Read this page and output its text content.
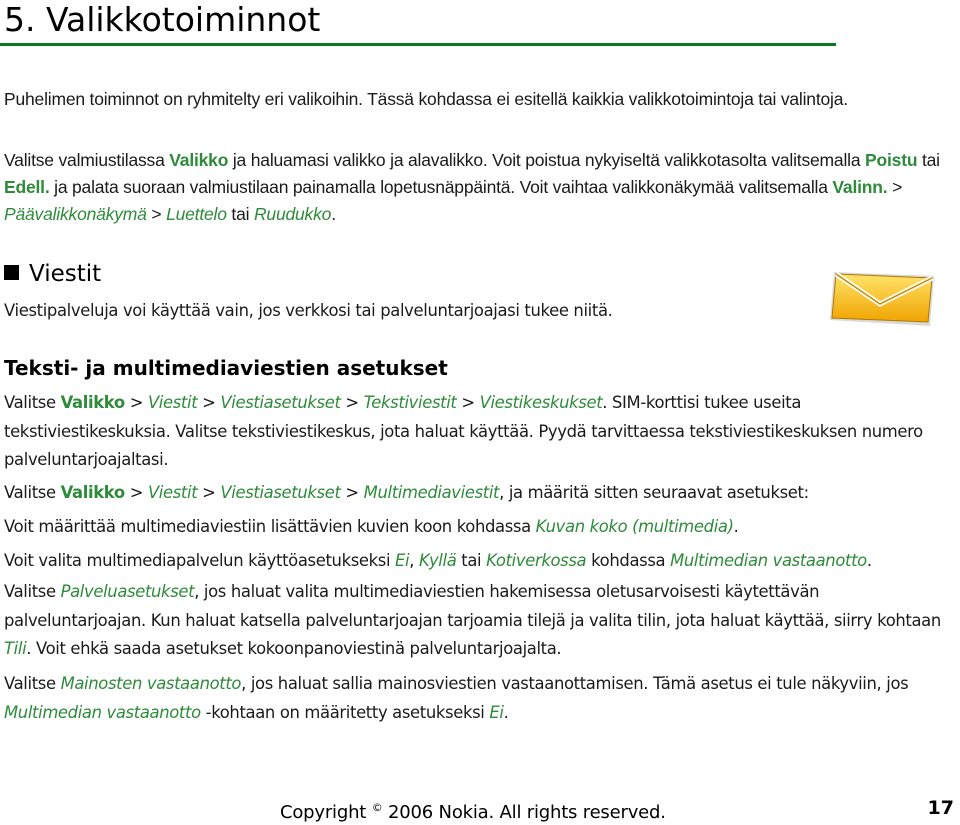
5. Valikkotoiminnot

Puhelimen toiminnot on ryhmitelty eri valikoihin. Tässä kohdassa ei esitellä kaikkia valikkotoimintoja tai valintoja.

Valitse valmiustilassa Valikko ja haluamasi valikko ja alavalikko. Voit poistua nykyiseltä valikkotasolta valitsemalla Poistu tai Edell. ja palata suoraan valmiustilaan painamalla lopetusnäppäintä. Voit vaihtaa valikkonäkymää valitsemalla Valinn. > Päävalikkonäkymä > Luettelo tai Ruudukko.

Viestit

Viestipalveluja voi käyttää vain, jos verkkosi tai palveluntarjoajasi tukee niitä.

Teksti- ja multimediaviestien asetukset

Valitse Valikko > Viestit > Viestiasetukset > Tekstiviestit > Viestikeskukset. SIM-korttisi tukee useita tekstiviestikeskuksia. Valitse tekstiviestikeskus, jota haluat käyttää. Pyydä tarvittaessa tekstiviestikeskuksen numero palveluntarjoajaltasi.

Valitse Valikko > Viestit > Viestiasetukset > Multimediaviestit, ja määritä sitten seuraavat asetukset:

Voit määrittää multimediaviestiin lisättävien kuvien koon kohdassa Kuvan koko (multimedia).

Voit valita multimediapalvelun käyttöasetukseksi Ei, Kyllä tai Kotiverkossa kohdassa Multimedian vastaanotto.

Valitse Palveluasetukset, jos haluat valita multimediaviestien hakemisessa oletusarvoisesti käytettävän palveluntarjoajan. Kun haluat katsella palveluntarjoajan tarjoamia tilejä ja valita tilin, jota haluat käyttää, siirry kohtaan Tili. Voit ehkä saada asetukset kokoonpanoviestinä palveluntarjoajalta.

Valitse Mainosten vastaanotto, jos haluat sallia mainosviestien vastaanottamisen. Tämä asetus ei tule näkyviin, jos Multimedian vastaanotto -kohtaan on määritetty asetukseksi Ei.

Copyright © 2006 Nokia. All rights reserved.	17
